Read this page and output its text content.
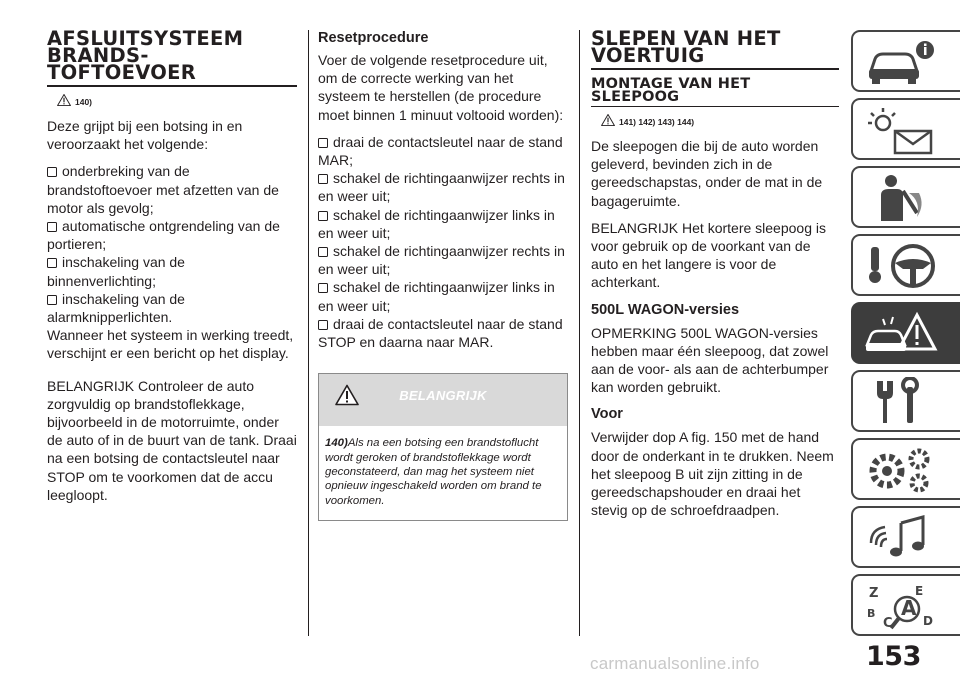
AFSLUITSYSTEEM
BRANDS-
TOFTOEVOER
140)

Deze grijpt bij een botsing in en veroorzaakt het volgende:

onderbreking van de brandstoftoevoer met afzetten van de motor als gevolg;

automatische ontgrendeling van de portieren;

inschakeling van de binnenverlichting;

inschakeling van de alarmknipperlichten.

Wanneer het systeem in werking treedt, verschijnt er een bericht op het display.

BELANGRIJK Controleer de auto zorgvuldig op brandstoflekkage, bijvoorbeeld in de motorruimte, onder de auto of in de buurt van de tank. Draai na een botsing de contactsleutel naar STOP om te voorkomen dat de accu leegloopt.

Resetprocedure

Voer de volgende resetprocedure uit, om de correcte werking van het systeem te herstellen (de procedure moet binnen 1 minuut voltooid worden):

draai de contactsleutel naar de stand MAR;

schakel de richtingaanwijzer rechts in en weer uit;

schakel de richtingaanwijzer links in en weer uit;

schakel de richtingaanwijzer rechts in en weer uit;

schakel de richtingaanwijzer links in en weer uit;

draai de contactsleutel naar de stand STOP en daarna naar MAR.

BELANGRIJK
140)Als na een botsing een brandstoflucht wordt geroken of brandstoflekkage wordt geconstateerd, dan mag het systeem niet opnieuw ingeschakeld worden om brand te voorkomen.
SLEPEN VAN HET
VOERTUIG
MONTAGE VAN HET
SLEEPOOG
141) 142) 143) 144)

De sleepogen die bij de auto worden geleverd, bevinden zich in de gereedschapstas, onder de mat in de bagageruimte.

BELANGRIJK Het kortere sleepoog is voor gebruik op de voorkant van de auto en het langere is voor de achterkant.

500L WAGON-versies

OPMERKING 500L WAGON-versies hebben maar één sleepoog, dat zowel aan de voor- als aan de achterbumper kan worden gebruikt.

Voor

Verwijder dop A fig. 150 met de hand door de onderkant in te drukken. Neem het sleepoog B uit zijn zitting in de gereedschapshouder en draai het stevig op de schroefdraadpen.

Z	E
A
B
C	D
153
carmanualsonline.info
